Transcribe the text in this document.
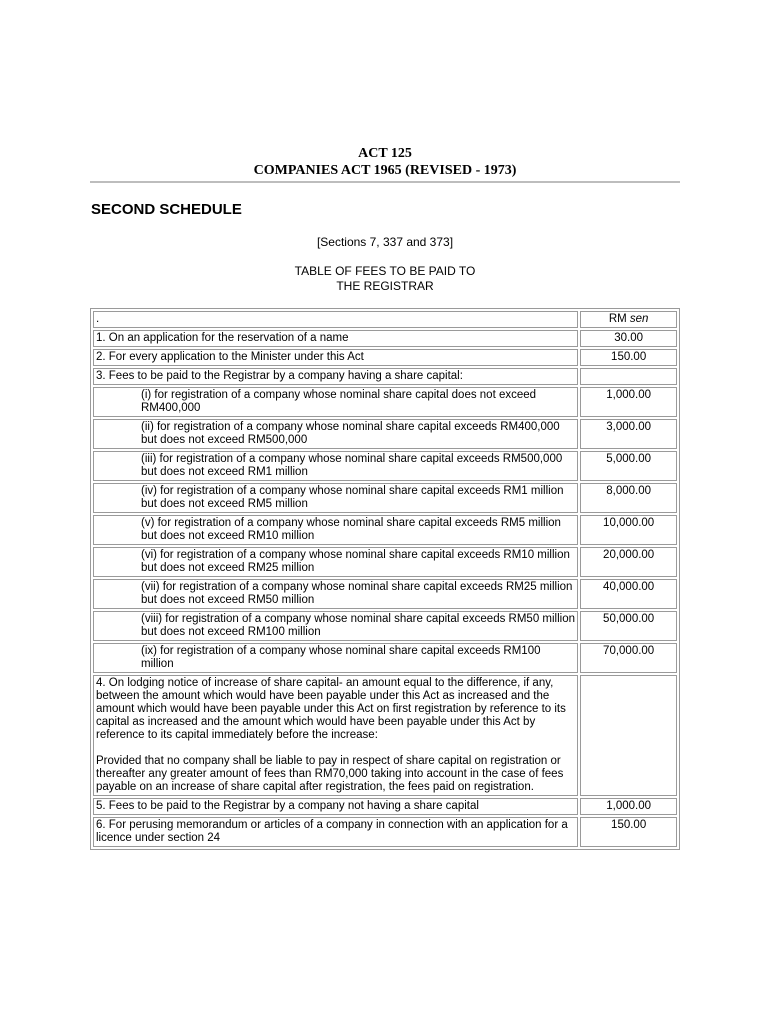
ACT 125
COMPANIES ACT 1965 (REVISED - 1973)
SECOND SCHEDULE
[Sections 7, 337 and 373]
TABLE OF FEES TO BE PAID TO
THE REGISTRAR
.	RM sen
1. On an application for the reservation of a name	30.00
2. For every application to the Minister under this Act	150.00
3. Fees to be paid to the Registrar by a company having a share capital:	
(i) for registration of a company whose nominal share capital does not exceed RM400,000	1,000.00
(ii) for registration of a company whose nominal share capital exceeds RM400,000 but does not exceed RM500,000	3,000.00
(iii) for registration of a company whose nominal share capital exceeds RM500,000 but does not exceed RM1 million	5,000.00
(iv) for registration of a company whose nominal share capital exceeds RM1 million but does not exceed RM5 million	8,000.00
(v) for registration of a company whose nominal share capital exceeds RM5 million but does not exceed RM10 million	10,000.00
(vi) for registration of a company whose nominal share capital exceeds RM10 million but does not exceed RM25 million	20,000.00
(vii) for registration of a company whose nominal share capital exceeds RM25 million but does not exceed RM50 million	40,000.00
(viii) for registration of a company whose nominal share capital exceeds RM50 million but does not exceed RM100 million	50,000.00
(ix) for registration of a company whose nominal share capital exceeds RM100 million	70,000.00

4. On lodging notice of increase of share capital- an amount equal to the difference, if any, between the amount which would have been payable under this Act as increased and the amount which would have been payable under this Act on first registration by reference to its capital as increased and the amount which would have been payable under this Act by reference to its capital immediately before the increase:
Provided that no company shall be liable to pay in respect of share capital on registration or thereafter any greater amount of fees than RM70,000 taking into account in the case of fees payable on an increase of share capital after registration, the fees paid on registration.	

5. Fees to be paid to the Registrar by a company not having a share capital	1,000.00
6. For perusing memorandum or articles of a company in connection with an application for a licence under section 24	150.00
